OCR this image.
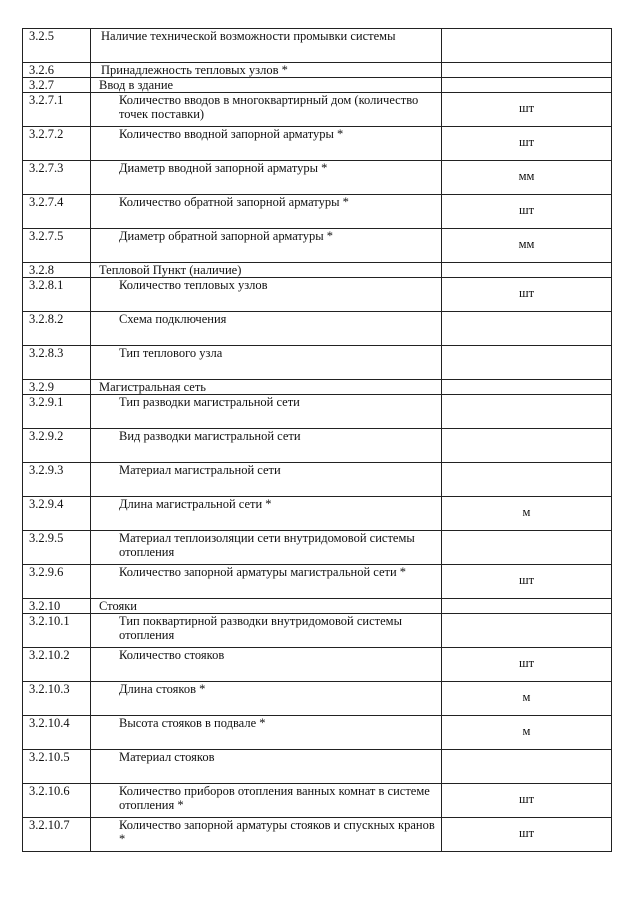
3.2.5	Наличие технической возможности промывки системы	
3.2.6	Принадлежность тепловых узлов *	
3.2.7	Ввод в здание	
3.2.7.1	Количество вводов в многоквартирный дом (количество точек поставки)	шт
3.2.7.2	Количество вводной запорной арматуры *	шт
3.2.7.3	Диаметр вводной запорной арматуры *	мм
3.2.7.4	Количество обратной запорной арматуры *	шт
3.2.7.5	Диаметр обратной запорной арматуры *	мм
3.2.8	Тепловой Пункт (наличие)	
3.2.8.1	Количество тепловых узлов	шт
3.2.8.2	Схема подключения	
3.2.8.3	Тип теплового узла	
3.2.9	Магистральная сеть	
3.2.9.1	Тип разводки магистральной сети	
3.2.9.2	Вид разводки магистральной сети	
3.2.9.3	Материал магистральной сети	
3.2.9.4	Длина магистральной сети *	м
3.2.9.5	Материал теплоизоляции сети внутридомовой системы отопления	
3.2.9.6	Количество запорной арматуры магистральной сети *	шт
3.2.10	Стояки	
3.2.10.1	Тип поквартирной разводки внутридомовой системы отопления	
3.2.10.2	Количество стояков	шт
3.2.10.3	Длина стояков *	м
3.2.10.4	Высота стояков в подвале *	м
3.2.10.5	Материал стояков	
3.2.10.6	Количество приборов отопления ванных комнат в системе отопления *	шт
3.2.10.7	Количество запорной арматуры стояков и спускных кранов *	шт
